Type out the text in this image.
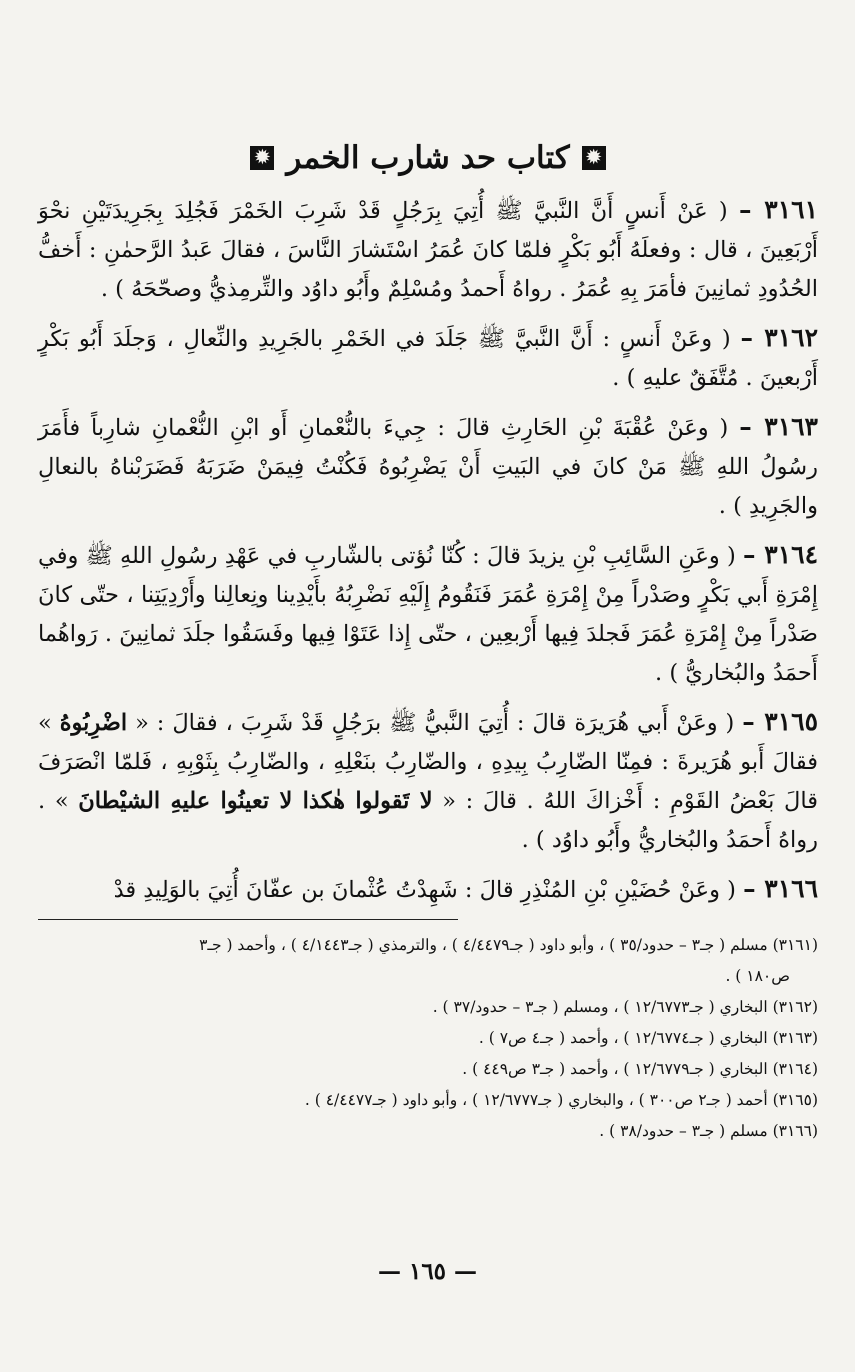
✹
كتاب حد شارب الخمر
✹

٣١٦١ – ( عَنْ أَنسٍ أَنَّ النَّبيَّ ﷺ أُتِيَ بِرَجُلٍ قَدْ شَرِبَ الخَمْرَ فَجُلِدَ بِجَرِيدَتَيْنِ نحْوَ أَرْبَعِينَ ، قال : وفعلَهُ أَبُو بَكْرٍ فلمّا كانَ عُمَرُ اسْتَشارَ النَّاسَ ، فقالَ عَبدُ الرَّحمٰنِ : أَخفُّ الحُدُودِ ثمانِينَ فأمَرَ بِهِ عُمَرُ . رواهُ أَحمدُ ومُسْلِمٌ وأَبُو داوُد والتِّرمِذيُّ وصحّحَهُ ) .

٣١٦٢ – ( وعَنْ أَنسٍ : أَنَّ النَّبيَّ ﷺ جَلَدَ في الخَمْرِ بالجَرِيدِ والنِّعالِ ، وَجلَدَ أَبُو بَكْرٍ أَرْبعينَ . مُتَّفَقٌ عليهِ ) .

٣١٦٣ – ( وعَنْ عُقْبَةَ بْنِ الحَارِثِ قالَ : جِيءَ بالنُّعْمانِ أَو ابْنِ النُّعْمانِ شارِباً فأَمَرَ رسُولُ اللهِ ﷺ مَنْ كانَ في البَيتِ أَنْ يَضْرِبُوهُ فَكُنْتُ فِيمَنْ ضَرَبَهُ فَضَرَبْناهُ بالنعالِ والجَرِيدِ ) .

٣١٦٤ – ( وعَنِ السَّائِبِ بْنِ يزيدَ قالَ : كُنّا نُؤتى بالشّاربِ في عَهْدِ رسُولِ اللهِ ﷺ وفي إِمْرَةِ أَبي بَكْرٍ وصَدْراً مِنْ إِمْرَةِ عُمَرَ فَنَقُومُ إِلَيْهِ نَضْرِبُهُ بأَيْدِينا ونِعالِنا وأَرْدِيَتِنا ، حتّى كانَ صَدْراً مِنْ إِمْرَةِ عُمَرَ فَجلدَ فِيها أَرْبعِين ، حتّى إِذا عَتَوْا فِيها وفَسَقُوا جلَدَ ثمانِينَ . رَواهُما أَحمَدُ والبُخاريُّ ) .

٣١٦٥ – ( وعَنْ أَبي هُرَيرَة قالَ : أُتِيَ النَّبيُّ ﷺ برَجُلٍ قَدْ شَرِبَ ، فقالَ : « اضْرِبُوهُ » فقالَ أَبو هُرَيرةَ : فمِنّا الضّارِبُ بِيدِهِ ، والضّارِبُ بنَعْلِهِ ، والضّارِبُ بِثَوْبِهِ ، فَلمّا انْصَرَفَ قالَ بَعْضُ القَوْمِ : أَخْزاكَ اللهُ . قالَ : « لا تَقولوا هٰكذا لا تعينُوا عليهِ الشيْطانَ » . رواهُ أَحمَدُ والبُخاريُّ وأَبُو داوُد ) .

٣١٦٦ – ( وعَنْ حُضَيْنِ بْنِ المُنْذِرِ قالَ : شَهِدْتُ عُثْمانَ بن عفّانَ أُتِيَ بالوَلِيدِ قدْ

(٣١٦١) مسلم ( جـ٣ – حدود/٣٥ ) ، وأبو داود ( جـ٤/٤٤٧٩ ) ، والترمذي ( جـ٤/١٤٤٣ ) ، وأحمد ( جـ٣

ص١٨٠ ) .

(٣١٦٢) البخاري ( جـ١٢/٦٧٧٣ ) ، ومسلم ( جـ٣ – حدود/٣٧ ) .

(٣١٦٣) البخاري ( جـ١٢/٦٧٧٤ ) ، وأحمد ( جـ٤ ص٧ ) .

(٣١٦٤) البخاري ( جـ١٢/٦٧٧٩ ) ، وأحمد ( جـ٣ ص٤٤٩ ) .

(٣١٦٥) أحمد ( جـ٢ ص٣٠٠ ) ، والبخاري ( جـ١٢/٦٧٧٧ ) ، وأبو داود ( جـ٤/٤٤٧٧ ) .

(٣١٦٦) مسلم ( جـ٣ – حدود/٣٨ ) .

— ١٦٥ —
